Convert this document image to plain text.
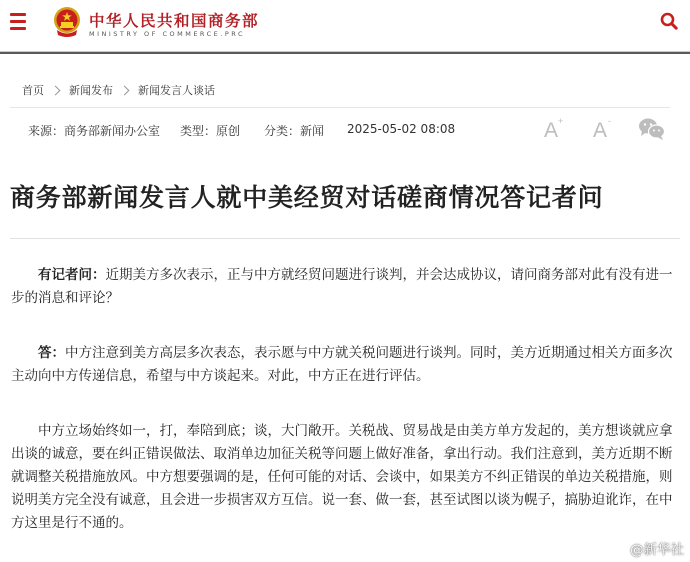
中华人民共和国商务部
MINISTRY OF COMMERCE.PRC
首页 新闻发布 新闻发言人谈话
来源：商务部新闻办公室 类型：原创 分类：新闻 2025-05-02 08:08	A + A -
商务部新闻发言人就中美经贸对话磋商情况答记者问

有记者问：近期美方多次表示，正与中方就经贸问题进行谈判，并会达成协议，请问商务部对此有没有进一步的消息和评论？

答：中方注意到美方高层多次表态，表示愿与中方就关税问题进行谈判。同时，美方近期通过相关方面多次主动向中方传递信息，希望与中方谈起来。对此，中方正在进行评估。

中方立场始终如一，打，奉陪到底；谈，大门敞开。关税战、贸易战是由美方单方发起的，美方想谈就应拿出谈的诚意，要在纠正错误做法、取消单边加征关税等问题上做好准备，拿出行动。我们注意到，美方近期不断就调整关税措施放风。中方想要强调的是，任何可能的对话、会谈中，如果美方不纠正错误的单边关税措施，则说明美方完全没有诚意，且会进一步损害双方互信。说一套、做一套，甚至试图以谈为幌子，搞胁迫讹诈，在中方这里是行不通的。

@新华社
